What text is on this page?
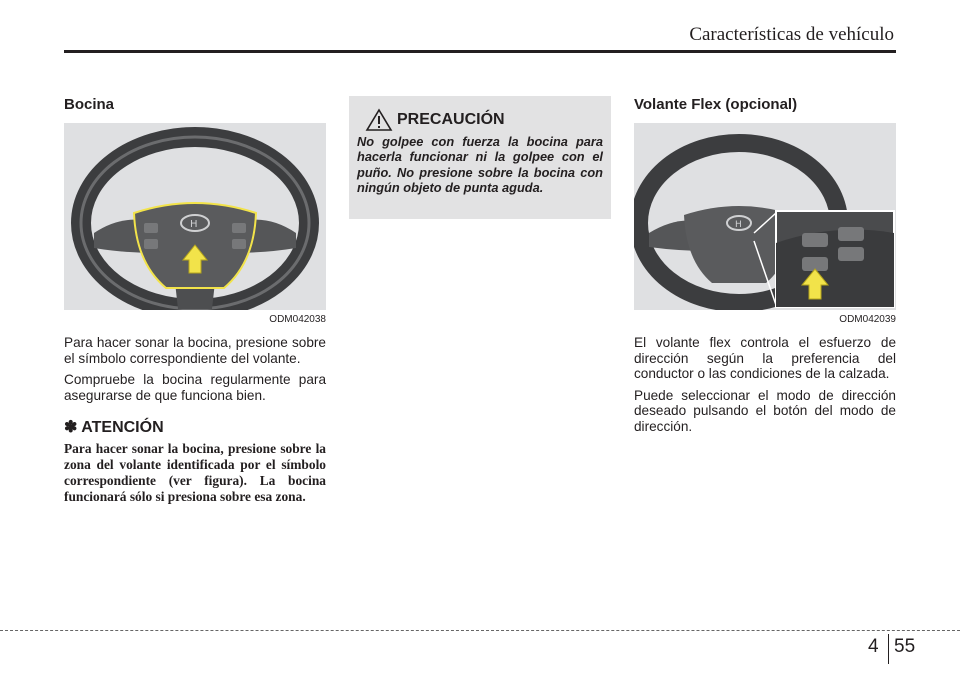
Características de vehículo
Bocina
H
ODM042038

Para hacer sonar la bocina, presione sobre el símbolo correspondiente del volante.

Compruebe la bocina regularmente para asegurarse de que funciona bien.

✽ ATENCIÓN

Para hacer sonar la bocina, presione sobre la zona del volante identificada por el símbolo correspondiente (ver figura). La bocina funcionará sólo si presiona sobre esa zona.

PRECAUCIÓN

No golpee con fuerza la bocina para hacerla funcionar ni la golpee con el puño. No presione sobre la bocina con ningún objeto de punta aguda.

Volante Flex (opcional)
H
ODM042039

El volante flex controla el esfuerzo de dirección según la preferencia del conductor o las condiciones de la calzada.

Puede seleccionar el modo de dirección deseado pulsando el botón del modo de dirección.

4 55
